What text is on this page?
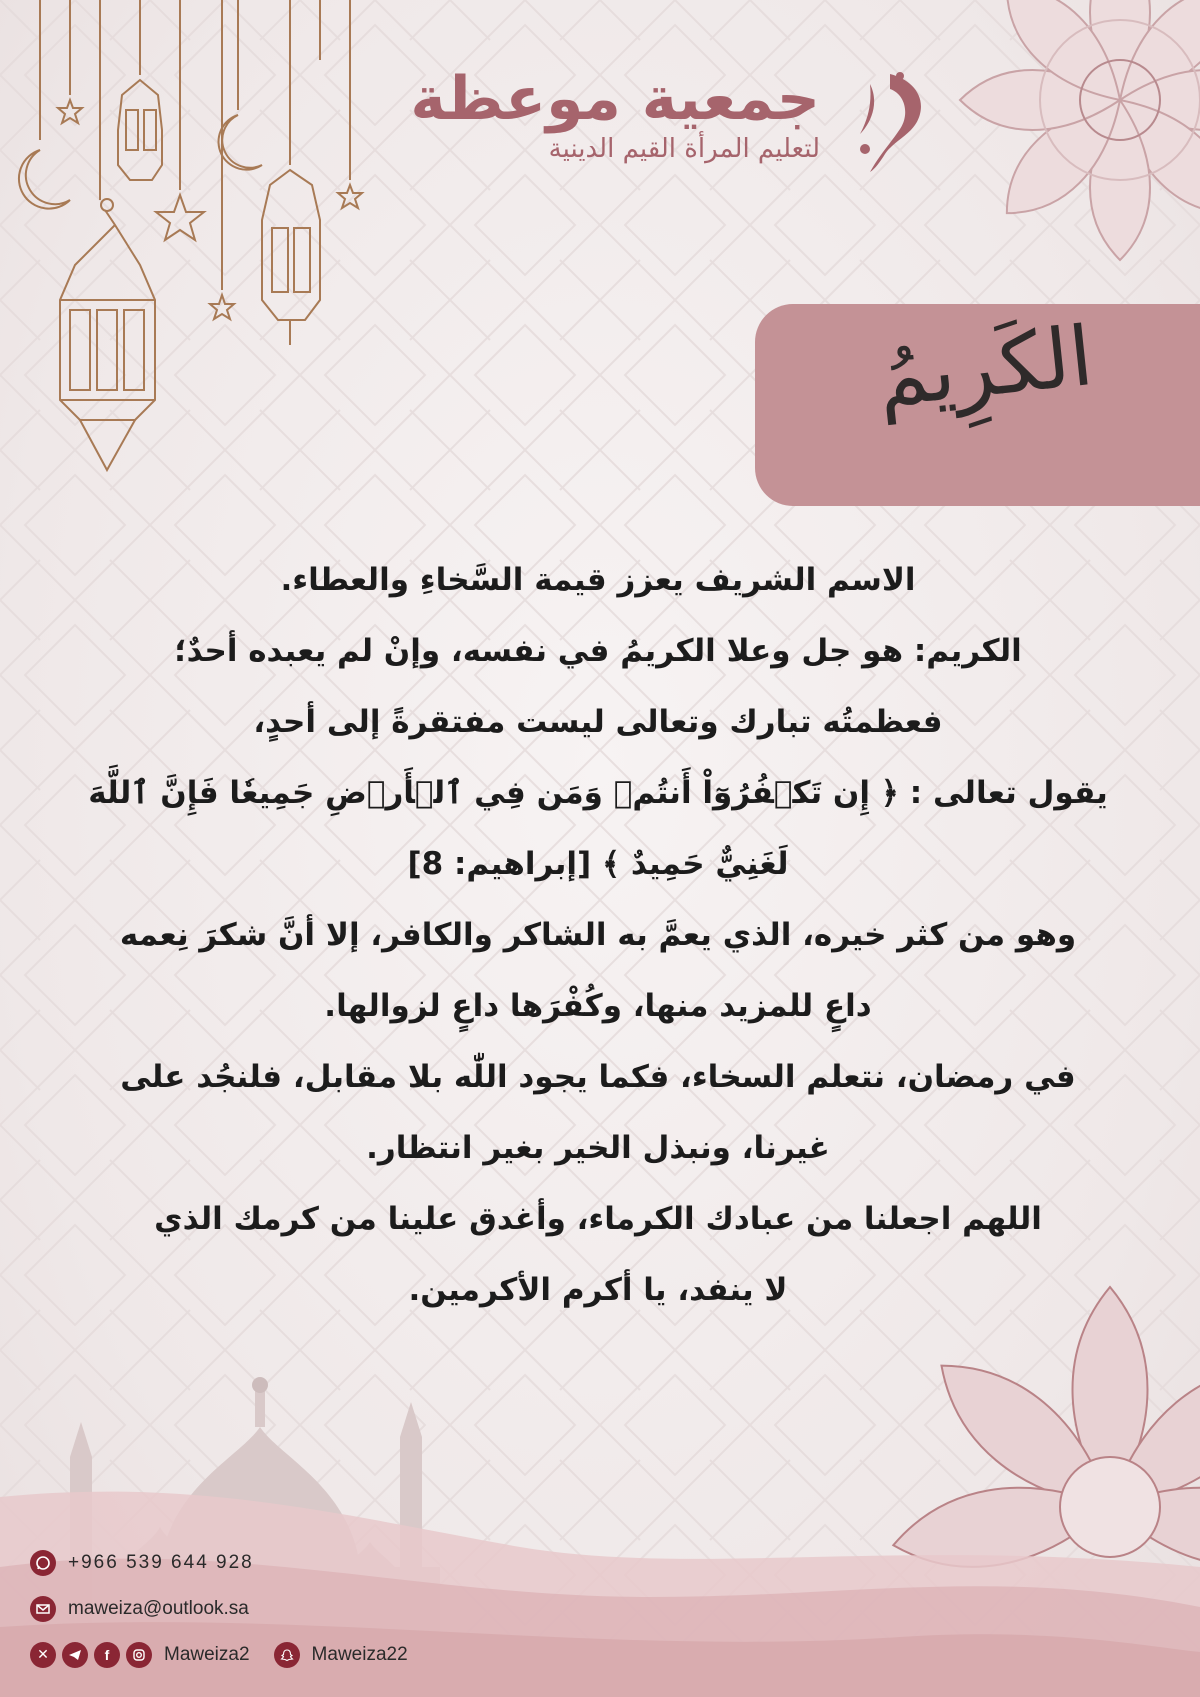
جمعية موعظة
لتعليم المرأة القيم الدينية
الكَرِيمُ

الاسم الشريف يعزز قيمة السَّخاءِ والعطاء.

الكريم: هو جل وعلا الكريمُ في نفسه، وإنْ لم يعبده أحدٌ؛

فعظمتُه تبارك وتعالى ليست مفتقرةً إلى أحدٍ،

يقول تعالى : ﴿ إِن تَكۡفُرُوٓاْ أَنتُمۡ وَمَن فِي ٱلۡأَرۡضِ جَمِيعٗا فَإِنَّ ٱللَّهَ

لَغَنِيٌّ حَمِيدٌ ﴾ [إبراهيم: 8]

وهو من كثر خيره، الذي يعمَّ به الشاكر والكافر، إلا أنَّ شكرَ نِعمه

داعٍ للمزيد منها، وكُفْرَها داعٍ لزوالها.

في رمضان، نتعلم السخاء، فكما يجود اللّٰه بلا مقابل، فلنجُد على

غيرنا، ونبذل الخير بغير انتظار.

اللهم اجعلنا من عبادك الكرماء، وأغدق علينا من كرمك الذي

لا ينفد، يا أكرم الأكرمين.

+966 539 644 928
maweiza@outlook.sa
✕	f	Maweiza2	Maweiza22
